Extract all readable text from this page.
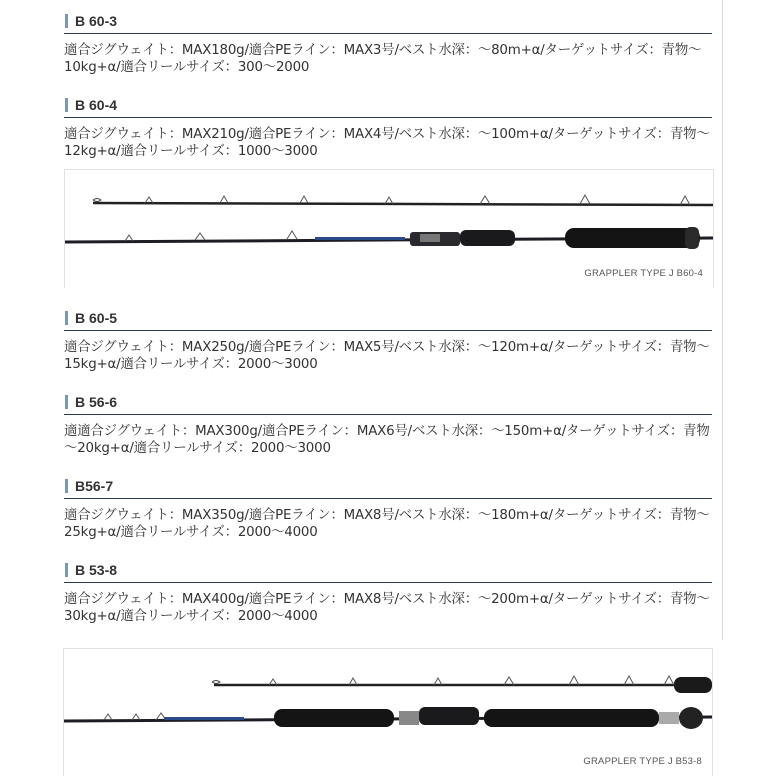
B 60-3
適合ジグウェイト：MAX180g/適合PEライン：MAX3号/ベスト水深：～80m+α/ターゲットサイズ：青物～10kg+α/適合リールサイズ：300～2000
B 60-4
適合ジグウェイト：MAX210g/適合PEライン：MAX4号/ベスト水深：～100m+α/ターゲットサイズ：青物～12kg+α/適合リールサイズ：1000～3000
GRAPPLER TYPE J B60-4
B 60-5
適合ジグウェイト：MAX250g/適合PEライン：MAX5号/ベスト水深：～120m+α/ターゲットサイズ：青物～15kg+α/適合リールサイズ：2000～3000
B 56-6
適適合ジグウェイト：MAX300g/適合PEライン：MAX6号/ベスト水深：～150m+α/ターゲットサイズ：青物～20kg+α/適合リールサイズ：2000～3000
B56-7
適合ジグウェイト：MAX350g/適合PEライン：MAX8号/ベスト水深：～180m+α/ターゲットサイズ：青物～25kg+α/適合リールサイズ：2000～4000
B 53-8
適合ジグウェイト：MAX400g/適合PEライン：MAX8号/ベスト水深：～200m+α/ターゲットサイズ：青物～30kg+α/適合リールサイズ：2000～4000
GRAPPLER TYPE J B53-8
